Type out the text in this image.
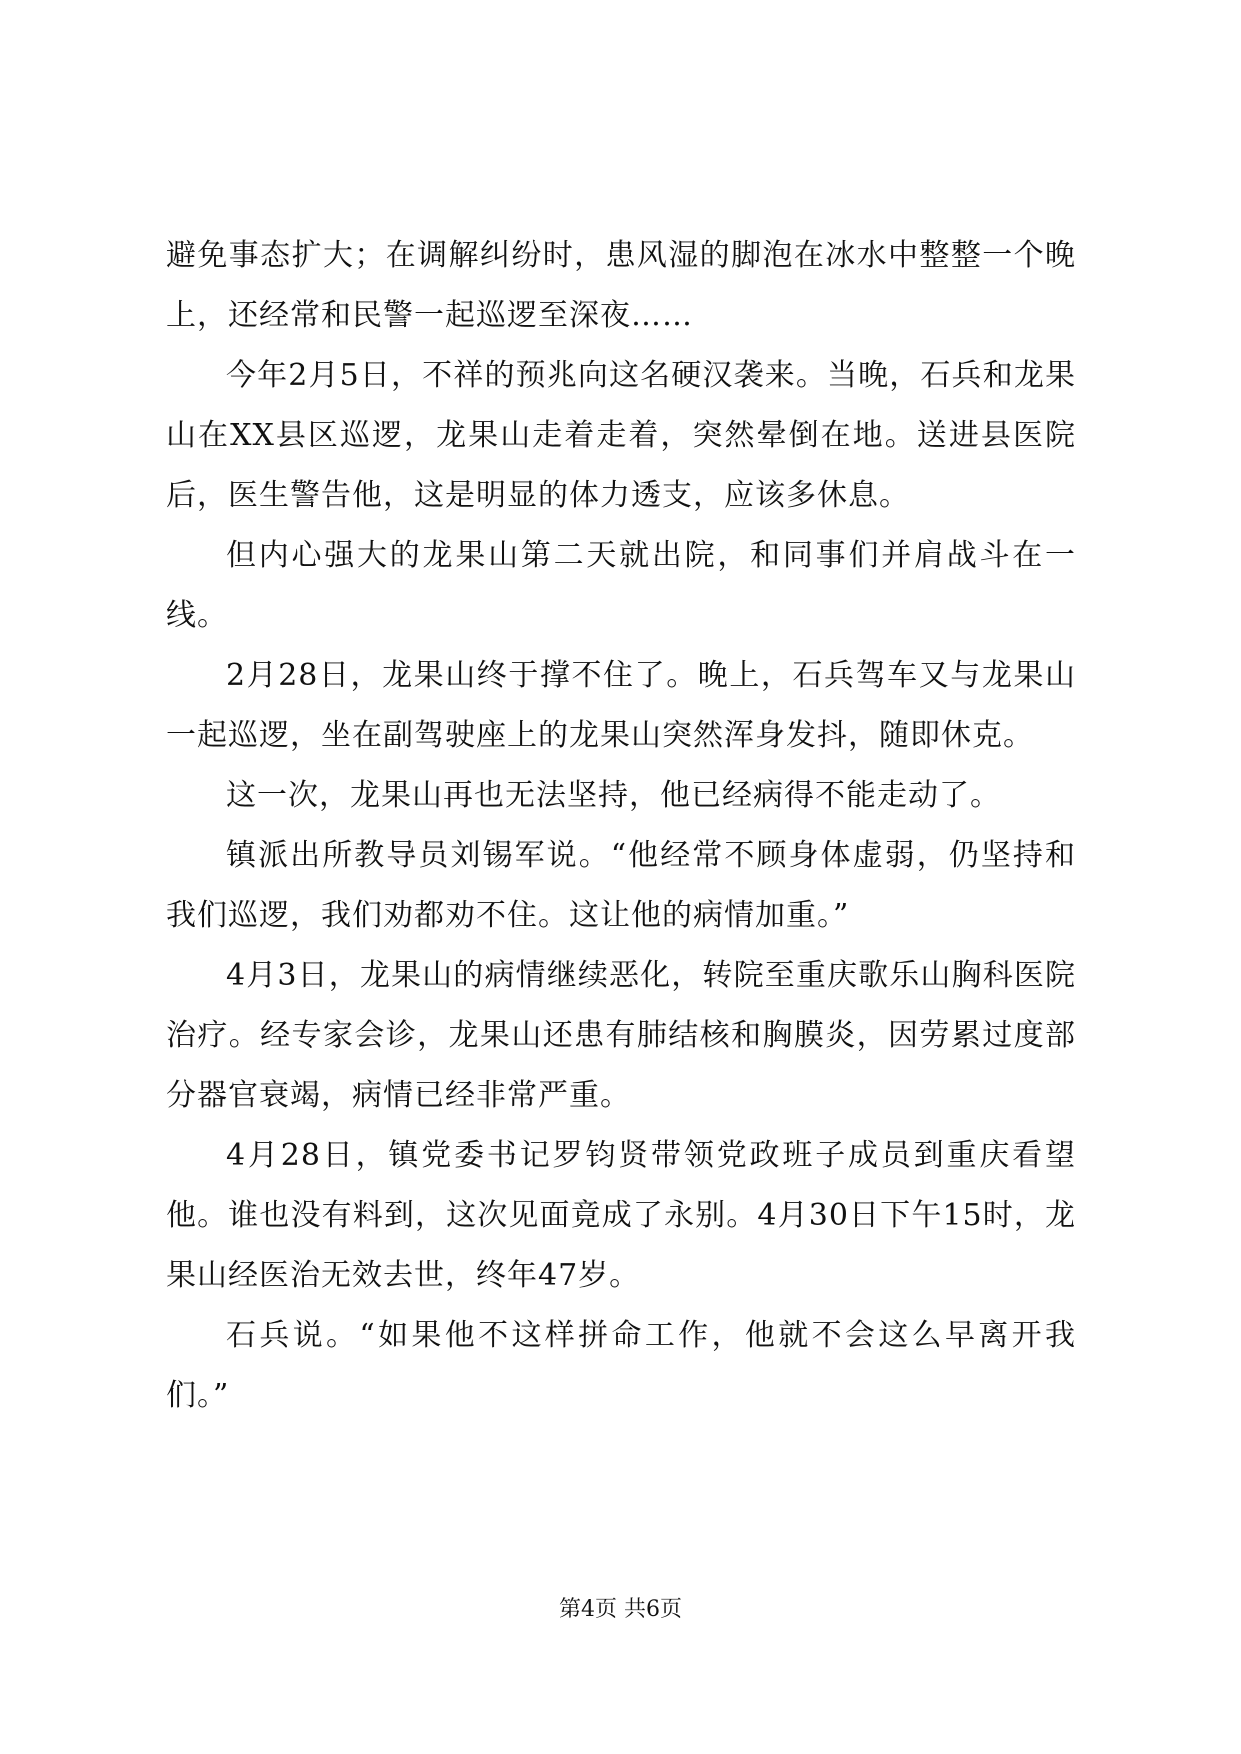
避免事态扩大；在调解纠纷时，患风湿的脚泡在冰水中整整一个晚上，还经常和民警一起巡逻至深夜……

今年2月5日，不祥的预兆向这名硬汉袭来。当晚，石兵和龙果山在XX县区巡逻，龙果山走着走着，突然晕倒在地。送进县医院后，医生警告他，这是明显的体力透支，应该多休息。

但内心强大的龙果山第二天就出院，和同事们并肩战斗在一线。

2月28日，龙果山终于撑不住了。晚上，石兵驾车又与龙果山一起巡逻，坐在副驾驶座上的龙果山突然浑身发抖，随即休克。

这一次，龙果山再也无法坚持，他已经病得不能走动了。

镇派出所教导员刘锡军说。“他经常不顾身体虚弱，仍坚持和我们巡逻，我们劝都劝不住。这让他的病情加重。”

4月3日，龙果山的病情继续恶化，转院至重庆歌乐山胸科医院治疗。经专家会诊，龙果山还患有肺结核和胸膜炎，因劳累过度部分器官衰竭，病情已经非常严重。

4月28日，镇党委书记罗钧贤带领党政班子成员到重庆看望他。谁也没有料到，这次见面竟成了永别。4月30日下午15时，龙果山经医治无效去世，终年47岁。

石兵说。“如果他不这样拼命工作，他就不会这么早离开我们。”

第4页 共6页
